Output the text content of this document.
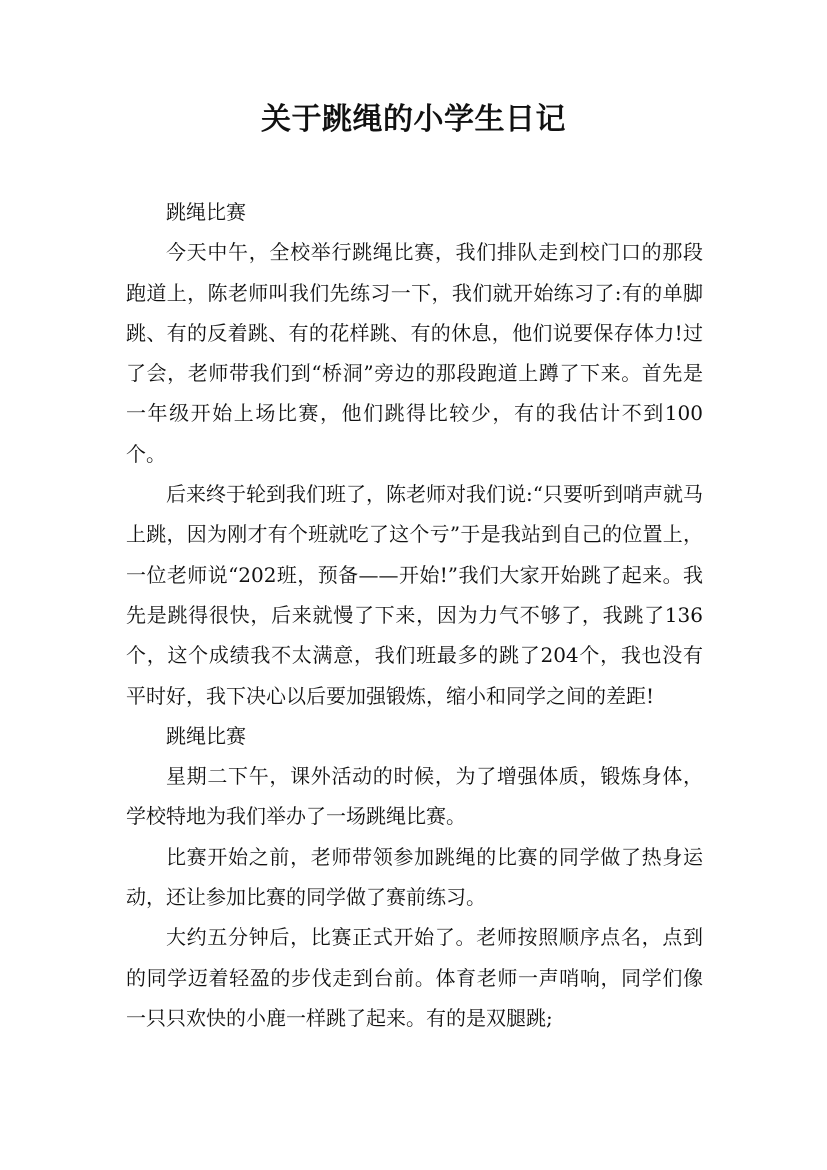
关于跳绳的小学生日记

跳绳比赛

今天中午，全校举行跳绳比赛，我们排队走到校门口的那段跑道上，陈老师叫我们先练习一下，我们就开始练习了:有的单脚跳、有的反着跳、有的花样跳、有的休息，他们说要保存体力!过了会，老师带我们到“桥洞”旁边的那段跑道上蹲了下来。首先是一年级开始上场比赛，他们跳得比较少，有的我估计不到100个。

后来终于轮到我们班了，陈老师对我们说:“只要听到哨声就马上跳，因为刚才有个班就吃了这个亏”于是我站到自己的位置上，一位老师说“202班，预备——开始!”我们大家开始跳了起来。我先是跳得很快，后来就慢了下来，因为力气不够了，我跳了136个，这个成绩我不太满意，我们班最多的跳了204个，我也没有平时好，我下决心以后要加强锻炼，缩小和同学之间的差距!

跳绳比赛

星期二下午，课外活动的时候，为了增强体质，锻炼身体，学校特地为我们举办了一场跳绳比赛。

比赛开始之前，老师带领参加跳绳的比赛的同学做了热身运动，还让参加比赛的同学做了赛前练习。

大约五分钟后，比赛正式开始了。老师按照顺序点名，点到的同学迈着轻盈的步伐走到台前。体育老师一声哨响，同学们像一只只欢快的小鹿一样跳了起来。有的是双腿跳;
